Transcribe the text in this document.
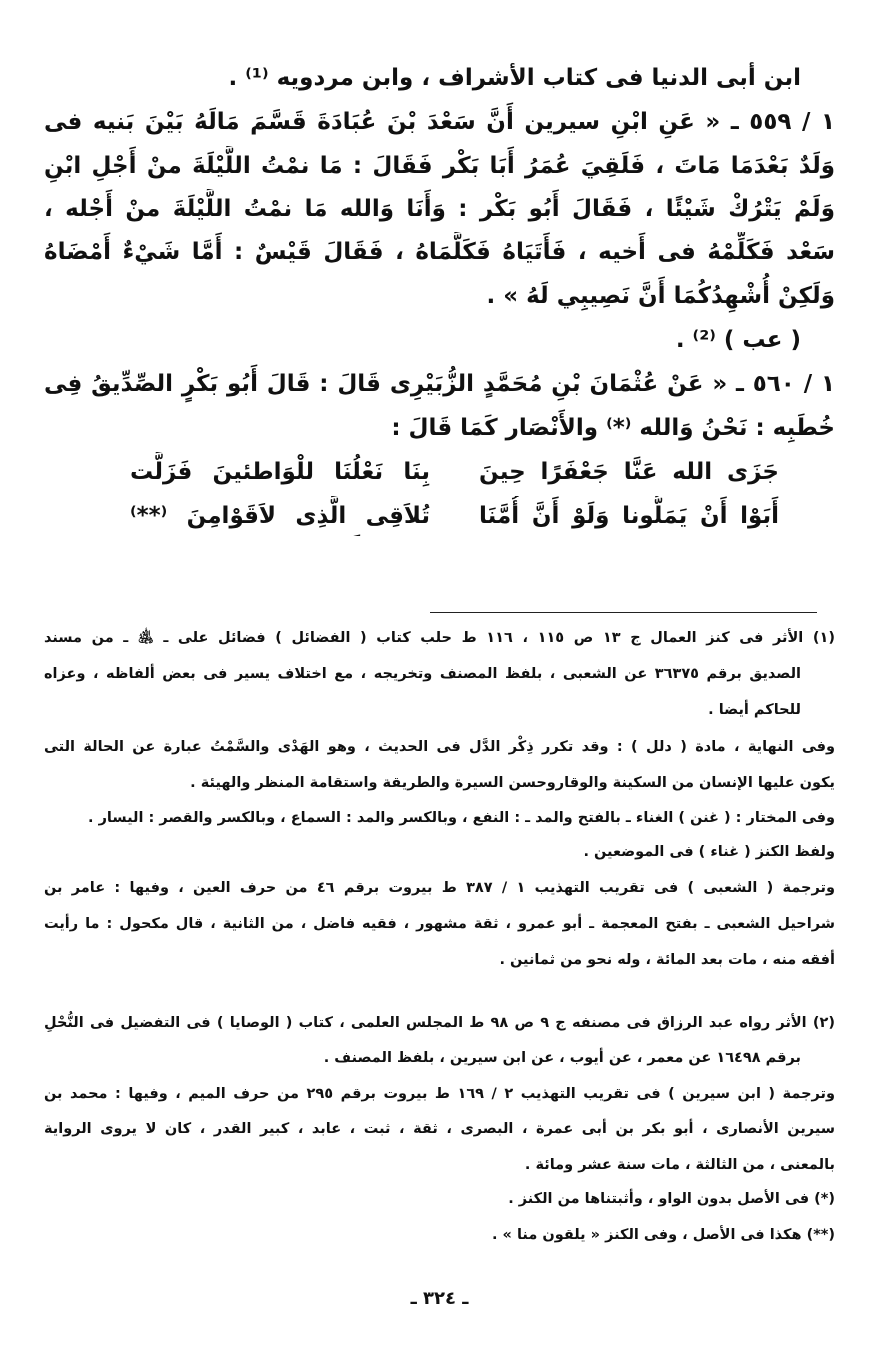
ابن أبى الدنيا فى كتاب الأشراف ، وابن مردويه ⁽¹⁾ .
١ / ٥٥٩ ـ « عَنِ ابْنِ سيرين أَنَّ سَعْدَ بْنَ عُبَادَةَ قَسَّمَ مَالَهُ بَيْنَ بَنيه فى
وَلَدٌ بَعْدَمَا مَاتَ ، فَلَقِيَ عُمَرُ أَبَا بَكْر فَقَالَ : مَا نمْتُ اللَّيْلَةَ منْ أَجْلِ ابْنِ
وَلَمْ يَتْرُكْ شَيْئًا ، فَقَالَ أَبُو بَكْر : وَأَنَا وَالله مَا نمْتُ اللَّيْلَةَ منْ أَجْله ،
سَعْد فَكَلِّمْهُ فى أَخيه ، فَأَتَيَاهُ فَكَلَّمَاهُ ، فَقَالَ قَيْسٌ : أَمَّا شَيْءٌ أَمْضَاهُ
وَلَكِنْ أُشْهِدُكُمَا أَنَّ نَصِيبِي لَهُ » .
( عب ) ⁽²⁾ .
١ / ٥٦٠ ـ « عَنْ عُثْمَانَ بْنِ مُحَمَّدٍ الزُّبَيْرِى قَالَ : قَالَ أَبُو بَكْرٍ الصِّدِّيقُ فِى
خُطَبِه : نَحْنُ وَالله ⁽*⁾ والأَنْصَار كَمَا قَالَ :
جَزَى الله عَنَّا جَعْفَرًا حِينَ
بِنَا نَعْلُنَا للْوَاطئينَ فَزَلَّت
أَبَوْا أَنْ يَمَلُّونا وَلَوْ أَنَّ أُمَّنَا
تُلاَقِى الَّذِى لاَقَوْامِنَ ⁽**⁾
(١) الأثر فى كنز العمال ج ١٣ ص ١١٥ ، ١١٦ ط حلب كتاب ( الفضائل ) فضائل على ـ ﵁ ـ من مسند
الصديق برقم ٣٦٣٧٥ عن الشعبى ، بلفظ المصنف وتخريجه ، مع اختلاف يسير فى بعض ألفاظه ، وعزاه
للحاكم أيضا .
وفى النهاية ، مادة ( دلل ) : وقد تكرر ذِكْر الدَّل فى الحديث ، وهو الهَدْى والسَّمْتُ عبارة عن الحالة التى
يكون عليها الإنسان من السكينة والوقاروحسن السيرة والطريقة واستقامة المنظر والهيئة .
وفى المختار : ( غنن ) الغناء ـ بالفتح والمد ـ : النفع ، وبالكسر والمد : السماع ، وبالكسر والقصر : اليسار .
ولفظ الكنز ( غناء ) فى الموضعين .
وترجمة ( الشعبى ) فى تقريب التهذيب ١ / ٣٨٧ ط بيروت برقم ٤٦ من حرف العين ، وفيها : عامر بن
شراحيل الشعبى ـ بفتح المعجمة ـ أبو عمرو ، ثقة مشهور ، فقيه فاضل ، من الثانية ، قال مكحول : ما رأيت
أفقه منه ، مات بعد المائة ، وله نحو من ثمانين .
(٢) الأثر رواه عبد الرزاق فى مصنفه ج ٩ ص ٩٨ ط المجلس العلمى ، كتاب ( الوصايا ) فى التفضيل فى النُّحْلِ
برقم ١٦٤٩٨ عن معمر ، عن أيوب ، عن ابن سيرين ، بلفظ المصنف .
وترجمة ( ابن سيرين ) فى تقريب التهذيب ٢ / ١٦٩ ط بيروت برقم ٢٩٥ من حرف الميم ، وفيها : محمد بن
سيرين الأنصارى ، أبو بكر بن أبى عمرة ، البصرى ، ثقة ، ثبت ، عابد ، كبير القدر ، كان لا يروى الرواية
بالمعنى ، من الثالثة ، مات سنة عشر ومائة .
(*) فى الأصل بدون الواو ، وأثبتناها من الكنز .
(**) هكذا فى الأصل ، وفى الكنز « يلقون منا » .
ـ ٣٢٤ ـ
